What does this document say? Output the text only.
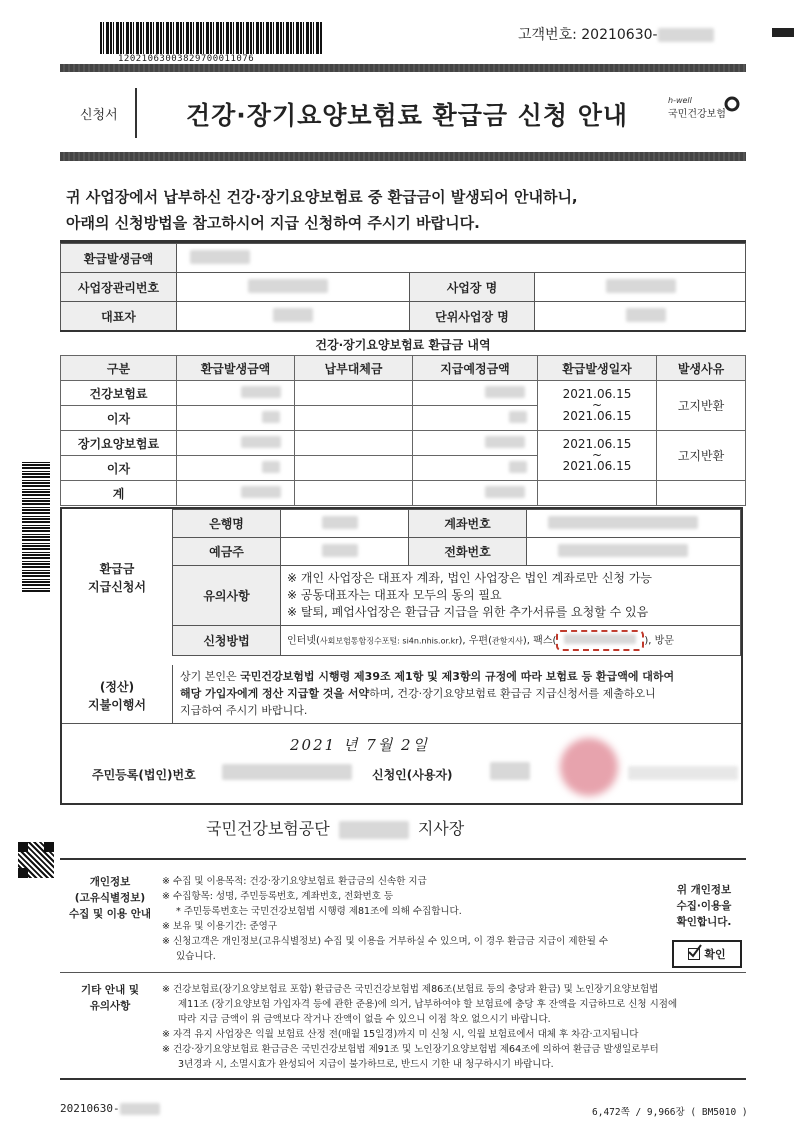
12021063003829700011076
고객번호: 20210630-
신청서	건강·장기요양보험료 환급금 신청 안내
h-well
국민건강보험
귀 사업장에서 납부하신 건강·장기요양보험료 중 환급금이 발생되어 안내하니,
아래의 신청방법을 참고하시어 지급 신청하여 주시기 바랍니다.
환급발생금액			
사업장관리번호		사업장 명	
대표자		단위사업장 명	
건강·장기요양보험료 환급금 내역
구분	환급발생금액	납부대체금	지급예정금액	환급발생일자	발생사유
건강보험료				2021.06.15
~
2021.06.15	고지반환
이자					
장기요양보험료				2021.06.15
~
2021.06.15	고지반환
이자					
계					
환급금
지급신청서
은행명		계좌번호	
예금주		전화번호	
유의사항	※ 개인 사업장은 대표자 계좌, 법인 사업장은 법인 계좌로만 신청 가능
※ 공동대표자는 대표자 모두의 동의 필요
※ 탈퇴, 폐업사업장은 환급금 지급을 위한 추가서류를 요청할 수 있음		

신청방법	인터넷(사회보험통합징수포털: si4n.nhis.or.kr), 우편(관할지사), 팩스( ), 방문		
(정산)
지불이행서
상기 본인은 국민건강보험법 시행령 제39조 제1항 및 제3항의 규정에 따라 보험료 등 환급액에 대하여
해당 가입자에게 정산 지급할 것을 서약하며, 건강·장기요양보험료 환급금 지급신청서를 제출하오니
지급하여 주시기 바랍니다.
2021 년 7월 2일
주민등록(법인)번호	신청인(사용자)
국민건강보험공단	지사장
개인정보
(고유식별정보)
수집 및 이용 안내
※ 수집 및 이용목적: 건강·장기요양보험료 환급금의 신속한 지급
※ 수집항목: 성명, 주민등록번호, 계좌번호, 전화번호 등
* 주민등록번호는 국민건강보험법 시행령 제81조에 의해 수집합니다.
※ 보유 및 이용기간: 준영구
※ 신청고객은 개인정보(고유식별정보) 수집 및 이용을 거부하실 수 있으며, 이 경우 환급금 지급이 제한될 수
있습니다.
위 개인정보
수집·이용을
확인합니다.
확인
기타 안내 및
유의사항
※ 건강보험료(장기요양보험료 포함) 환급금은 국민건강보험법 제86조(보험료 등의 충당과 환급) 및 노인장기요양보험법
제11조 (장기요양보험 가입자격 등에 관한 준용)에 의거, 납부하여야 할 보험료에 충당 후 잔액을 지급하므로 신청 시점에
따라 지급 금액이 위 금액보다 작거나 잔액이 없을 수 있으니 이점 착오 없으시기 바랍니다.
※ 자격 유지 사업장은 익월 보험료 산정 전(매월 15일경)까지 미 신청 시, 익월 보험료에서 대체 후 차감·고지됩니다
※ 건강·장기요양보험료 환급금은 국민건강보험법 제91조 및 노인장기요양보험법 제64조에 의하여 환급금 발생일로부터
3년경과 시, 소멸시효가 완성되어 지급이 불가하므로, 반드시 기한 내 청구하시기 바랍니다.
20210630-	6,472쪽 / 9,966장 ( BM5010 )
